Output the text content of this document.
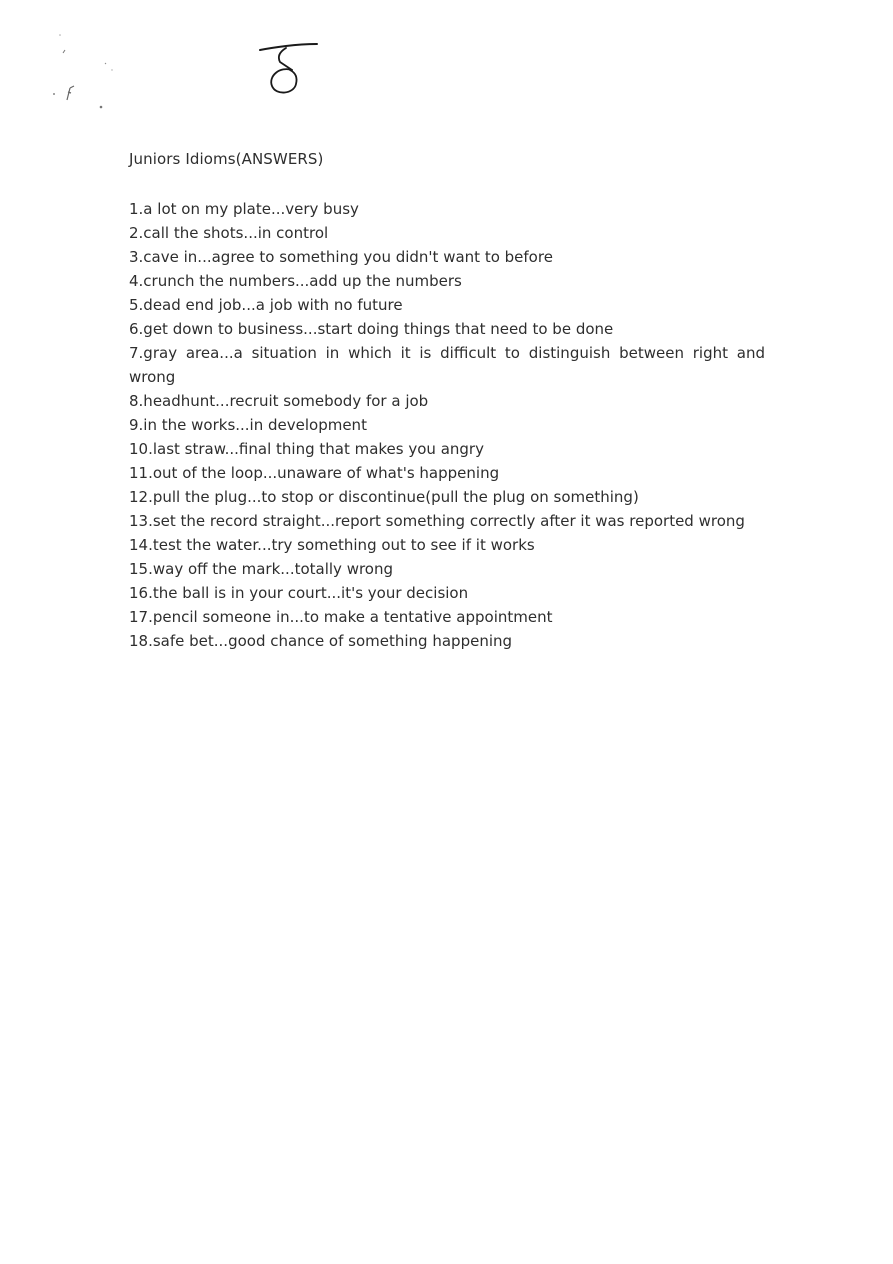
Juniors Idioms(ANSWERS)
1.a lot on my plate...very busy
2.call the shots...in control
3.cave in...agree to something you didn't want to before
4.crunch the numbers...add up the numbers
5.dead end job...a job with no future
6.get down to business...start doing things that need to be done
7.gray area...a situation in which it is difficult to distinguish between right and wrong
8.headhunt...recruit somebody for a job
9.in the works...in development
10.last straw...final thing that makes you angry
11.out of the loop...unaware of what's happening
12.pull the plug...to stop or discontinue(pull the plug on something)
13.set the record straight...report something correctly after it was reported wrong
14.test the water...try something out to see if it works
15.way off the mark...totally wrong
16.the ball is in your court...it's your decision
17.pencil someone in...to make a tentative appointment
18.safe bet...good chance of something happening
